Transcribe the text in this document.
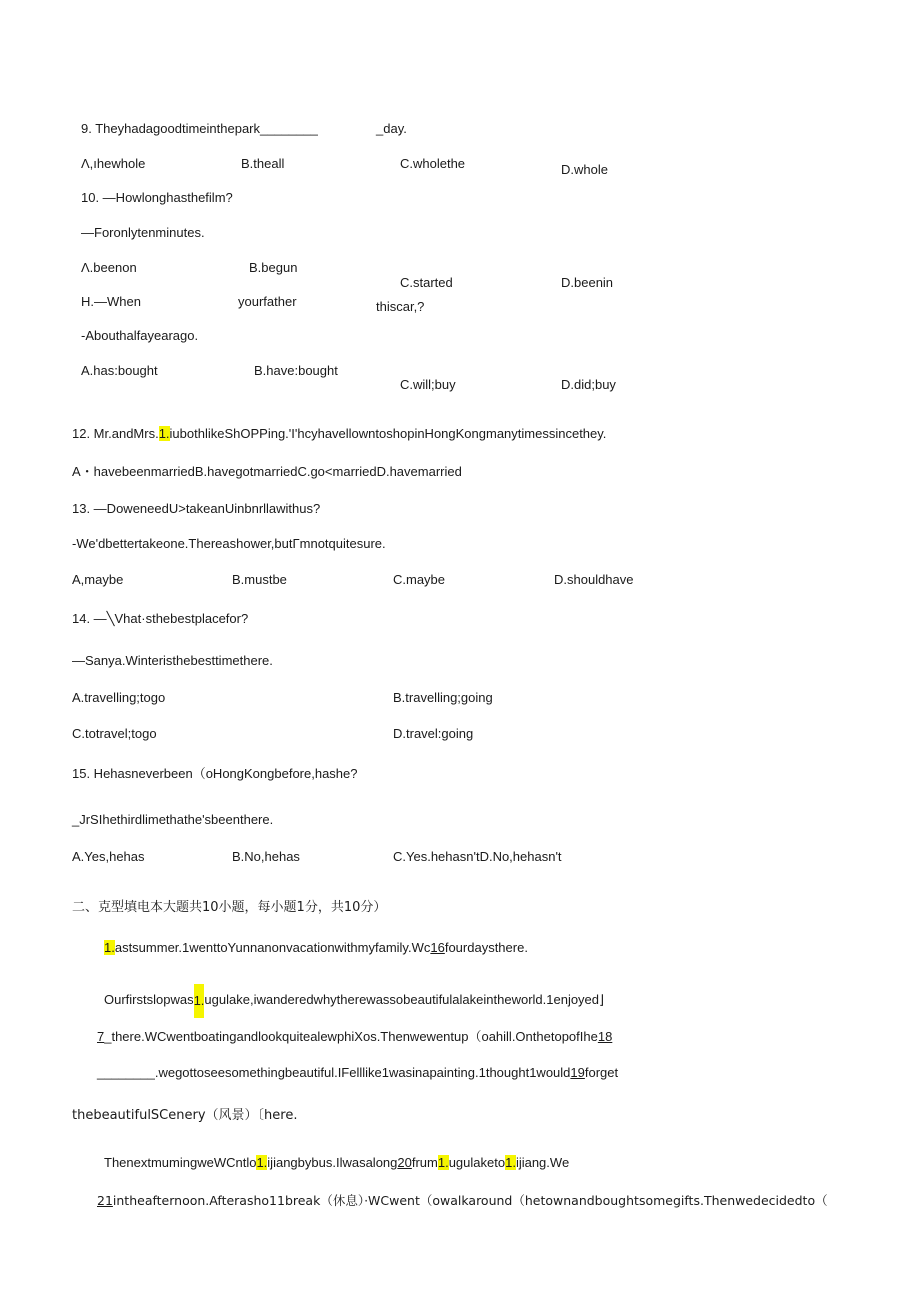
9. Theyhadagoodtimeinthepark________	_day.
Λ,ıhewhole	B.theall	C.wholethe	D.whole
10. —Howlonghasthefilm?
—Foronlytenminutes.
Λ.beenon	B.begun
C.started	D.beenin
H.—When	yourfather	thiscar,?
-Abouthalfayearago.
A.has:bought	B.have:bought
C.will;buy	D.did;buy
12. Mr.andMrs.1.iubothlikeShOPPing.'I'hcyhavellowntoshopinHongKongmanytimessincethey.
A・havebeenmarriedB.havegotmarriedC.go<marriedD.havemarried
13. —DoweneedU>takeanUinbnrllawithus?
-We'dbettertakeone.Thereashower,butΓmnotquitesure.
A,maybe	B.mustbe	C.maybe	D.shouldhave
14. —╲Vhat·sthebestplacefor?
—Sanya.Winteristhebesttimethere.
A.travelling;togo	B.travelling;going
C.totravel;togo	D.travel:going
15. Hehasneverbeen（oHongKongbefore,hashe?
_JrSIhethirdlimethathe'sbeenthere.
A.Yes,hehas	B.No,hehas	C.Yes.hehasn'tD.No,hehasn't
二、克型填电本大题共10小题，每小题1分，共10分）
1.astsummer.1wenttoYunnanonvacationwithmyfamily.Wc16fourdaysthere.
Ourfirstslopwas1.ugulake,iwanderedwhytherewassobeautifulalakeintheworld.1enjoyed⌋
7_there.WCwentboatingandlookquitealewphiXos.Thenwewentup（oahill.OnthetopofIhe18
________.wegottoseesomethingbeautiful.IFelllike1wasinapainting.1thought1would19forget
thebeautifulSCenery（风景）〔here.
ThenextmumingweWCntlo1.ijiangbybus.Ilwasalong20frum1.ugulaketo1.ijiang.We
21intheafternoon.Afterasho11break（休息）·WCwent（owalkaround（hetownandboughtsomegifts.Thenwedecidedto（
